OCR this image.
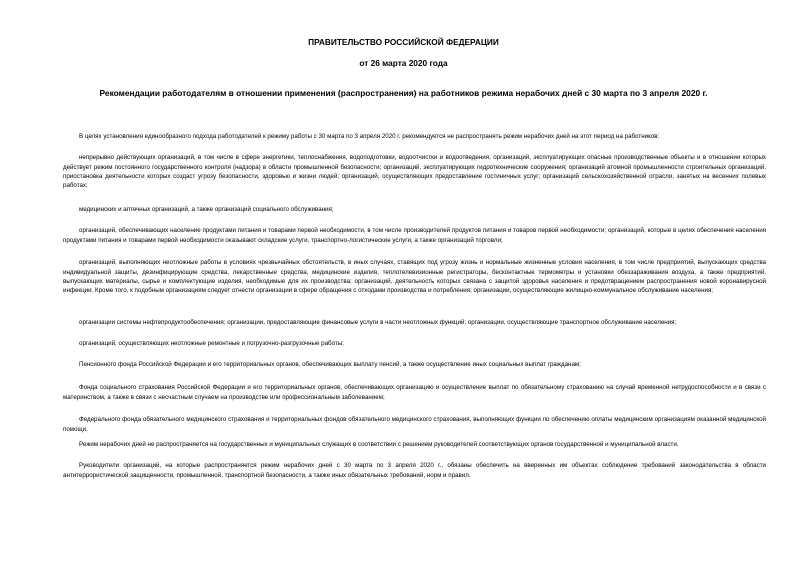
ПРАВИТЕЛЬСТВО РОССИЙСКОЙ ФЕДЕРАЦИИ
от 26 марта 2020 года
Рекомендации работодателям в отношении применения (распространения) на работников режима нерабочих дней с 30 марта по 3 апреля 2020 г.

В целях установления единообразного подхода работодателей к режиму работы с 30 марта по 3 апреля 2020 г. рекомендуется не распространять режим нерабочих дней на этот период на работников:

непрерывно действующих организаций, в том числе в сфере энергетики, теплоснабжения, водоподготовки, водоотчистки и водоотведения; организаций, эксплуатирующих опасные производственные объекты и в отношении которых действует режим постоянного государственного контроля (надзора) в области промышленной безопасности; организаций, эксплуатирующих гидротехнические сооружения; организаций атомной промышленности строительных организаций, приостановка деятельности которых создаст угрозу безопасности, здоровью и жизни людей; организаций, осуществляющих предоставление гостиничных услуг; организаций сельскохозяйственной отрасли, занятых на весенних полевых работах;

медицинских и аптечных организаций, а также организаций социального обслуживания;

организаций, обеспечивающих население продуктами питания и товарами первой необходимости, в том числе производителей продуктов питания и товаров первой необходимости; организаций, которые в целях обеспечения населения продуктами питания и товарами первой необходимости оказывают складские услуги, транспортно-логистические услуги, а также организаций торговли;

организаций, выполняющих неотложные работы в условиях чрезвычайных обстоятельств, в иных случаях, ставящих под угрозу жизнь и нормальные жизненные условия населения, в том числе предприятий, выпускающих средства индивидуальной защиты, дезинфицирующие средства, лекарственные средства, медицинские изделия, теплотелевизионные регистраторы, бесконтактные термометры и установки обеззараживания воздуха, а также предприятий, выпускающих материалы, сырье и комплектующие изделия, необходимые для их производства; организаций, деятельность которых связана с защитой здоровья населения и предотвращением распространения новой коронавирусной инфекции. Кроме того, к подобным организациям следует отнести организации в сфере обращения с отходами производства и потребления; организации, осуществляющие жилищно-коммунальное обслуживание населения;

организации системы нефтепродуктообеспечения; организации, предоставляющие финансовые услуги в части неотложных функций; организации, осуществляющие транспортное обслуживание населения;

организаций, осуществляющих неотложные ремонтные и погрузочно-разгрузочные работы;

Пенсионного фонда Российской Федерации и его территориальных органов, обеспечивающих выплату пенсий, а также осуществление иных социальных выплат гражданам;

Фонда социального страхования Российской Федерации и его территориальных органов, обеспечивающих организацию и осуществление выплат по обязательному страхованию на случай временной нетрудоспособности и в связи с материнством, а также в связи с несчастным случаем на производстве или профессиональным заболеванием;

Федерального фонда обязательного медицинского страхования и территориальных фондов обязательного медицинского страхования, выполняющих функции по обеспечению оплаты медицинским организациям оказанной медицинской помощи.

Режим нерабочих дней не распространяется на государственных и муниципальных служащих в соответствии с решением руководителей соответствующих органов государственной и муниципальной власти.

Руководители организаций, на которые распространяется режим нерабочих дней с 30 марта по 3 апреля 2020 г., обязаны обеспечить на вверенных им объектах соблюдение требований законодательства в области антитеррористической защищенности, промышленной, транспортной безопасности, а также иных обязательных требований, норм и правил.
